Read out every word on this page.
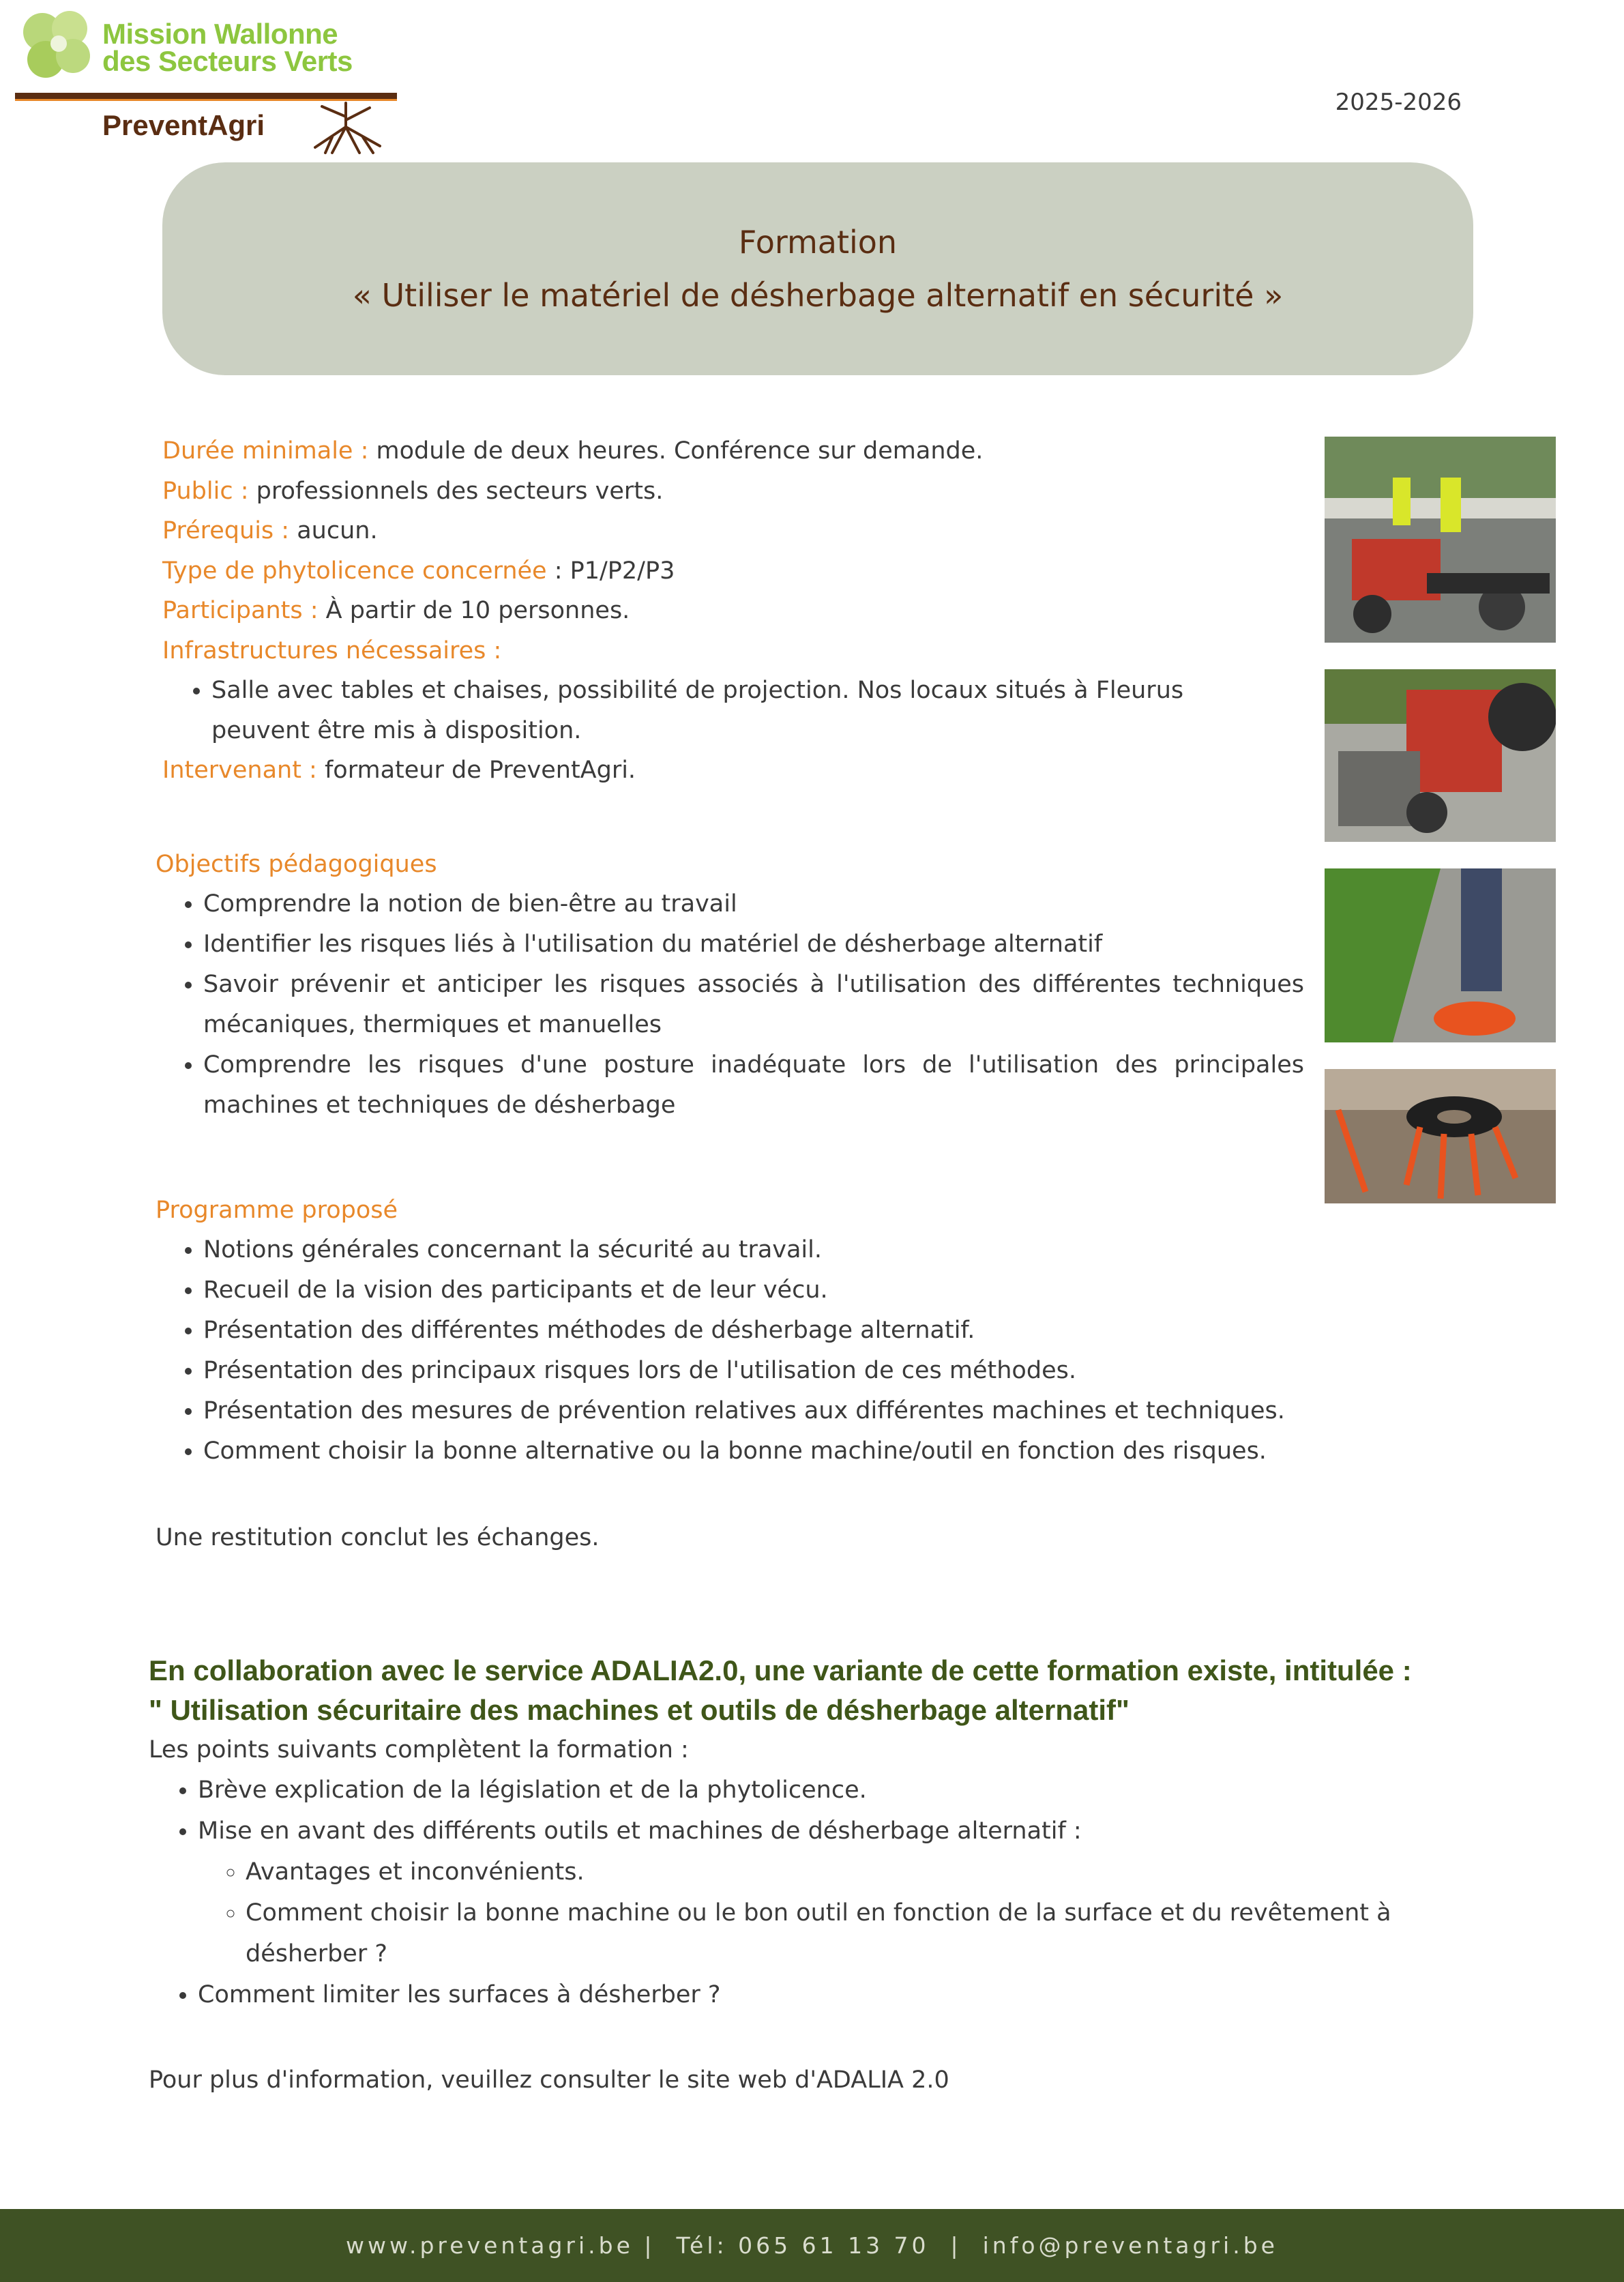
Mission Wallonne
des Secteurs Verts
PreventAgri
2025-2026
Formation
« Utiliser le matériel de désherbage alternatif en sécurité »
Durée minimale : module de deux heures. Conférence sur demande.
Public : professionnels des secteurs verts.
Prérequis : aucun.
Type de phytolicence concernée : P1/P2/P3
Participants : À partir de 10 personnes.
Infrastructures nécessaires :
• Salle avec tables et chaises, possibilité de projection. Nos locaux situés à Fleurus peuvent être mis à disposition.
Intervenant : formateur de PreventAgri.
Objectifs pédagogiques
• Comprendre la notion de bien-être au travail
• Identifier les risques liés à l'utilisation du matériel de désherbage alternatif
• Savoir prévenir et anticiper les risques associés à l'utilisation des différentes techniques mécaniques, thermiques et manuelles
• Comprendre les risques d'une posture inadéquate lors de l'utilisation des principales machines et techniques de désherbage
Programme proposé
• Notions générales concernant la sécurité au travail.
• Recueil de la vision des participants et de leur vécu.
• Présentation des différentes méthodes de désherbage alternatif.
• Présentation des principaux risques lors de l'utilisation de ces méthodes.
• Présentation des mesures de prévention relatives aux différentes machines et techniques.
• Comment choisir la bonne alternative ou la bonne machine/outil en fonction des risques.
Une restitution conclut les échanges.
En collaboration avec le service ADALIA2.0, une variante de cette formation existe, intitulée :
" Utilisation sécuritaire des machines et outils de désherbage alternatif"
Les points suivants complètent la formation :
• Brève explication de la législation et de la phytolicence.
• Mise en avant des différents outils et machines de désherbage alternatif :
◦ Avantages et inconvénients.
◦ Comment choisir la bonne machine ou le bon outil en fonction de la surface et du revêtement à désherber ?
• Comment limiter les surfaces à désherber ?
Pour plus d'information, veuillez consulter le site web d'ADALIA 2.0
www.preventagri.be |  Tél: 065 61 13 70  |  info@preventagri.be
